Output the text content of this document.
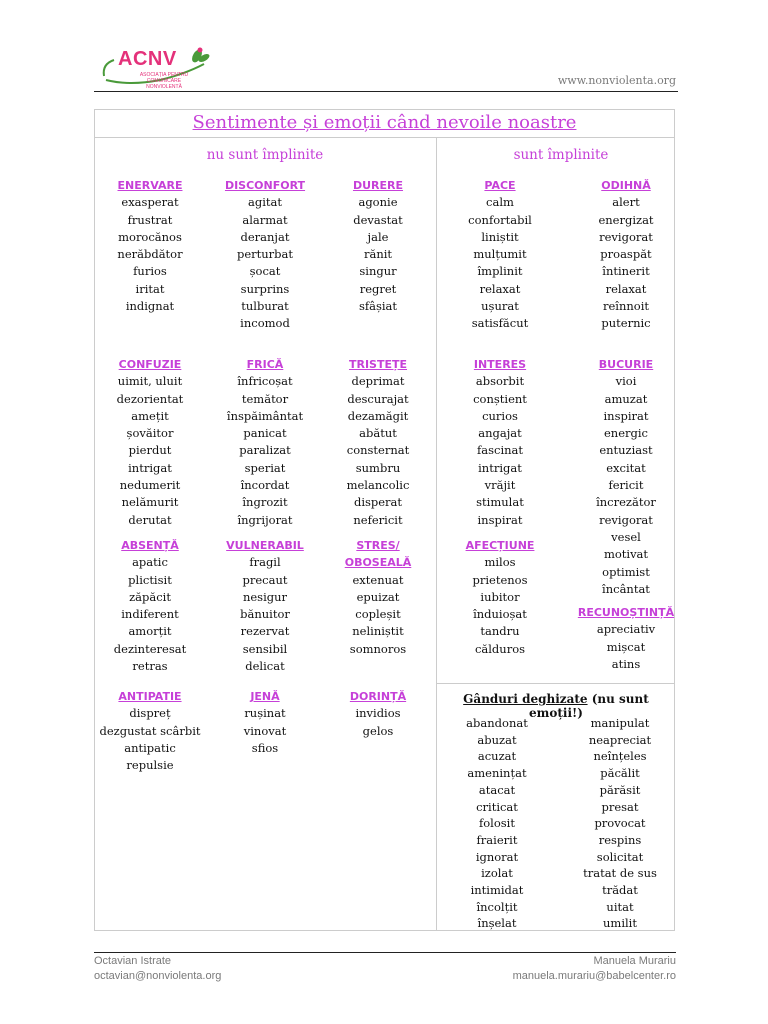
ACNV
ASOCIAȚIA PENTRU COMUNICARE NONVIOLENTĂ	www.nonviolenta.org
Sentimente și emoții când nevoile noastre
nu sunt împlinite	sunt împlinite
ENERVARE
exasperat
frustrat
morocănos
nerăbdător
furios
iritat
indignat
DISCONFORT
agitat
alarmat
deranjat
perturbat
șocat
surprins
tulburat
incomod
DURERE
agonie
devastat
jale
rănit
singur
regret
sfâșiat
CONFUZIE
uimit, uluit
dezorientat
amețit
șovăitor
pierdut
intrigat
nedumerit
nelămurit
derutat
FRICĂ
înfricoșat
temător
înspăimântat
panicat
paralizat
speriat
încordat
îngrozit
îngrijorat
TRISTEȚE
deprimat
descurajat
dezamăgit
abătut
consternat
sumbru
melancolic
disperat
nefericit
ABSENȚĂ
apatic
plictisit
zăpăcit
indiferent
amorțit
dezinteresat
retras
VULNERABIL
fragil
precaut
nesigur
bănuitor
rezervat
sensibil
delicat
STRES/
OBOSEALĂ
extenuat
epuizat
copleșit
neliniștit
somnoros
ANTIPATIE
dispreț
dezgustat scârbit
antipatic
repulsie
JENĂ
rușinat
vinovat
sfios
DORINȚĂ
invidios
gelos
PACE
calm
confortabil
liniștit
mulțumit
împlinit
relaxat
ușurat
satisfăcut
ODIHNĂ
alert
energizat
revigorat
proaspăt
întinerit
relaxat
reînnoit
puternic
INTERES
absorbit
conștient
curios
angajat
fascinat
intrigat
vrăjit
stimulat
inspirat
BUCURIE
vioi
amuzat
inspirat
energic
entuziast
excitat
fericit
încrezător
revigorat
vesel
motivat
optimist
încântat
AFECȚIUNE
milos
prietenos
iubitor
înduioșat
tandru
călduros
RECUNOȘTINȚĂ
apreciativ
mișcat
atins
Gânduri deghizate (nu sunt emoții!)
abandonat
abuzat
acuzat
amenințat
atacat
criticat
folosit
fraierit
ignorat
izolat
intimidat
încolțit
înșelat
manipulat
neapreciat
neînțeles
păcălit
părăsit
presat
provocat
respins
solicitat
tratat de sus
trădat
uitat
umilit
Octavian Istrate
octavian@nonviolenta.org
Manuela Murariu
manuela.murariu@babelcenter.ro
